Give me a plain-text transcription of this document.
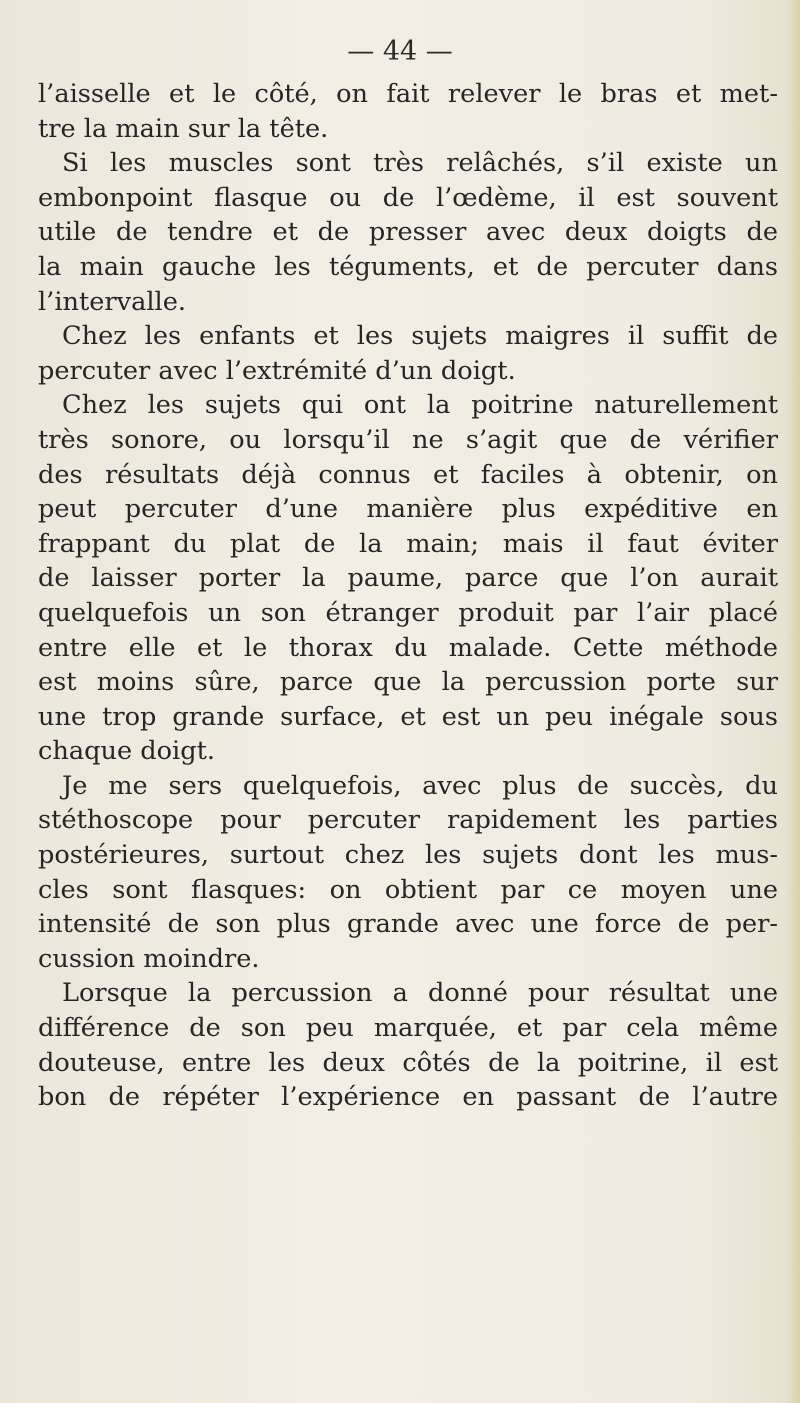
— 44 —
l’aisselle et le côté, on fait relever le bras et met-
tre la main sur la tête.
Si les muscles sont très relâchés, s’il existe un
embonpoint flasque ou de l’œdème, il est souvent
utile de tendre et de presser avec deux doigts de
la main gauche les téguments, et de percuter dans
l’intervalle.
Chez les enfants et les sujets maigres il suffit de
percuter avec l’extrémité d’un doigt.
Chez les sujets qui ont la poitrine naturellement
très sonore, ou lorsqu’il ne s’agit que de vérifier
des résultats déjà connus et faciles à obtenir, on
peut percuter d’une manière plus expéditive en
frappant du plat de la main; mais il faut éviter
de laisser porter la paume, parce que l’on aurait
quelquefois un son étranger produit par l’air placé
entre elle et le thorax du malade. Cette méthode
est moins sûre, parce que la percussion porte sur
une trop grande surface, et est un peu inégale sous
chaque doigt.
Je me sers quelquefois, avec plus de succès, du
stéthoscope pour percuter rapidement les parties
postérieures, surtout chez les sujets dont les mus-
cles sont flasques: on obtient par ce moyen une
intensité de son plus grande avec une force de per-
cussion moindre.
Lorsque la percussion a donné pour résultat une
différence de son peu marquée, et par cela même
douteuse, entre les deux côtés de la poitrine, il est
bon de répéter l’expérience en passant de l’autre
